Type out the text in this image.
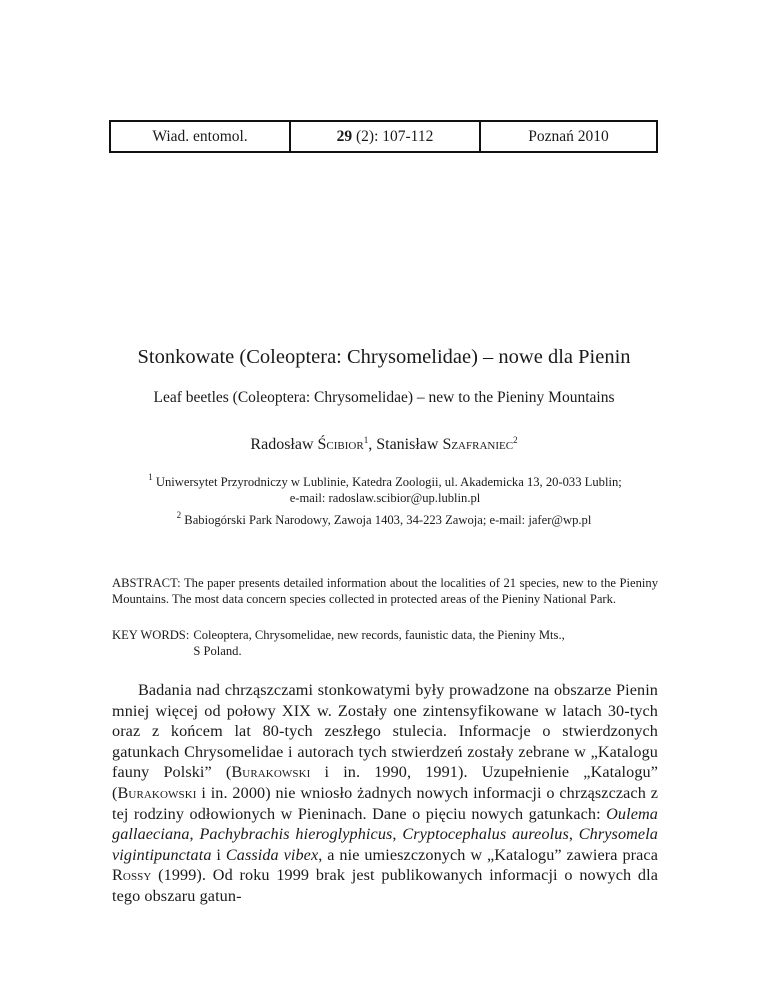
Wiad. entomol.	29 (2): 107-112	Poznań 2010
Stonkowate (Coleoptera: Chrysomelidae) – nowe dla Pienin
Leaf beetles (Coleoptera: Chrysomelidae) – new to the Pieniny Mountains
Radosław Ścibior$^1$, Stanisław Szafraniec$^2$
$^1$ Uniwersytet Przyrodniczy w Lublinie, Katedra Zoologii, ul. Akademicka 13, 20-033 Lublin;
e-mail: radoslaw.scibior@up.lublin.pl
$^2$ Babiogórski Park Narodowy, Zawoja 1403, 34-223 Zawoja; e-mail: jafer@wp.pl
ABSTRACT: The paper presents detailed information about the localities of 21 species, new to the Pieniny Mountains. The most data concern species collected in protected areas of the Pieniny National Park.
KEY WORDS: Coleoptera, Chrysomelidae, new records, faunistic data, the Pieniny Mts.,
S Poland.

Badania nad chrząszczami stonkowatymi były prowadzone na obszarze Pienin mniej więcej od połowy XIX w. Zostały one zintensyfikowane w latach 30-tych oraz z końcem lat 80-tych zeszłego stulecia. Informacje o stwierdzonych gatunkach Chrysomelidae i autorach tych stwierdzeń zostały zebrane w „Katalogu fauny Polski” (Burakowski i in. 1990, 1991). Uzupełnienie „Katalogu” (Burakowski i in. 2000) nie wniosło żadnych nowych informacji o chrząszczach z tej rodziny odłowionych w Pieninach. Dane o pięciu nowych gatunkach: Oulema gallaeciana, Pachybrachis hieroglyphicus, Cryptocephalus aureolus, Chrysomela vigintipunctata i Cassida vibex, a nie umieszczonych w „Katalogu” zawiera praca Rossy (1999). Od roku 1999 brak jest publikowanych informacji o nowych dla tego obszaru gatun-
